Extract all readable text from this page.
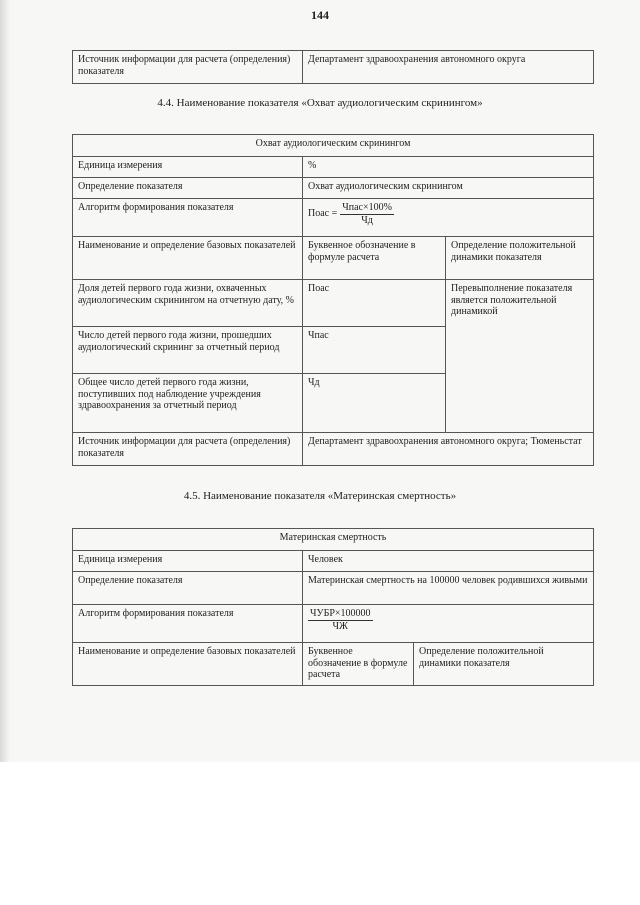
144
Источник информации для расчета (определения) показателя	Департамент здравоохранения автономного округа
4.4. Наименование показателя «Охват аудиологическим скринингом»
Охват аудиологическим скринингом		
Единица измерения	%	
Определение показателя	Охват аудиологическим скринингом	
Алгоритм формирования показателя	Поас = $\frac{\text{Чпас×100\%}}{Чд}$

Наименование и определение базовых показателей	Буквенное обозначение в формуле расчета	Определение положительной динамики показателя
Доля детей первого года жизни, охваченных аудиологическим скринингом на отчетную дату, %	Поас	Перевыполнение показателя является положительной динамикой
Число детей первого года жизни, прошедших аудиологический скрининг за отчетный период	Чпас	
Общее число детей первого года жизни, поступивших под наблюдение учреждения здравоохранения за отчетный период	Чд	
Источник информации для расчета (определения) показателя	Департамент здравоохранения автономного округа; Тюменьстат	
4.5. Наименование показателя «Материнская смертность»
Материнская смертность		
Единица измерения	Человек	
Определение показателя	Материнская смертность на 100000 человек родившихся живыми	
Алгоритм формирования показателя	$\frac{\text{ЧУБР×100000}}{ЧЖ}$

Наименование и определение базовых показателей	Буквенное обозначение в формуле расчета	Определение положительной динамики показателя
